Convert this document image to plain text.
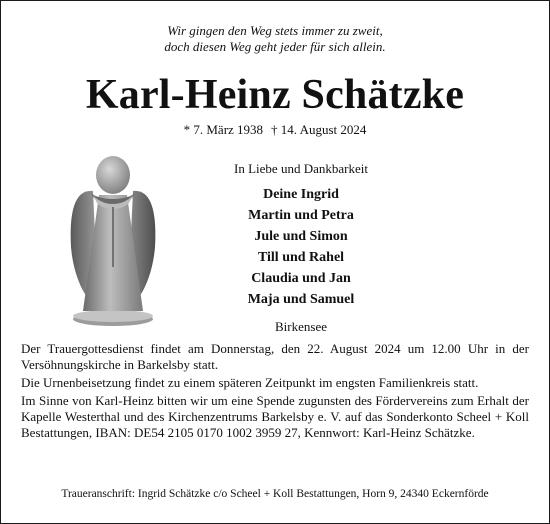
Wir gingen den Weg stets immer zu zweit,
doch diesen Weg geht jeder für sich allein.
Karl-Heinz Schätzke
* 7. März 1938 † 14. August 2024
In Liebe und Dankbarkeit
Deine Ingrid
Martin und Petra
Jule und Simon
Till und Rahel
Claudia und Jan
Maja und Samuel
Birkensee

Der Trauergottesdienst findet am Donnerstag, den 22. August 2024 um 12.00 Uhr in der Versöhnungskirche in Barkelsby statt.

Die Urnenbeisetzung findet zu einem späteren Zeitpunkt im engsten Familienkreis statt.

Im Sinne von Karl-Heinz bitten wir um eine Spende zugunsten des Fördervereins zum Erhalt der Kapelle Westerthal und des Kirchenzentrums Barkelsby e. V. auf das Sonderkonto Scheel + Koll Bestattungen, IBAN: DE54 2105 0170 1002 3959 27, Kennwort: Karl-Heinz Schätzke.

Traueranschrift: Ingrid Schätzke c/o Scheel + Koll Bestattungen, Horn 9, 24340 Eckernförde
